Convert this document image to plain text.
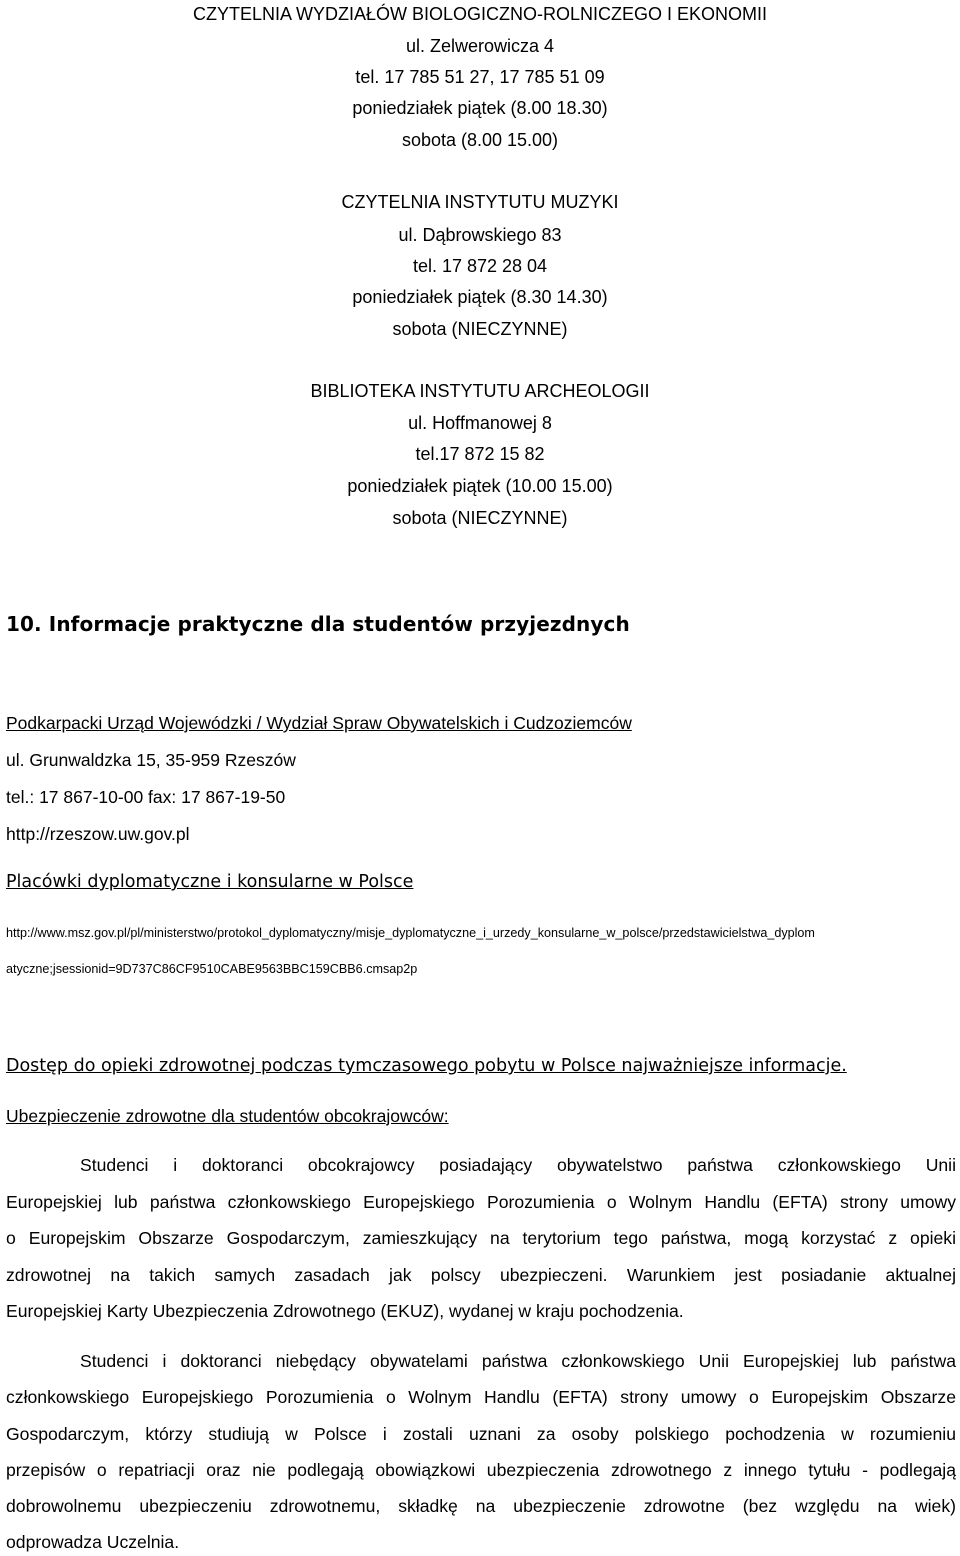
CZYTELNIA WYDZIAŁÓW BIOLOGICZNO-ROLNICZEGO I EKONOMII
ul. Zelwerowicza 4
tel. 17 785 51 27, 17 785 51 09
poniedziałek piątek (8.00 18.30)
sobota (8.00 15.00)
CZYTELNIA INSTYTUTU MUZYKI
ul. Dąbrowskiego 83
tel. 17 872 28 04
poniedziałek piątek (8.30 14.30)
sobota (NIECZYNNE)
BIBLIOTEKA INSTYTUTU ARCHEOLOGII
ul. Hoffmanowej 8
tel.17 872 15 82
poniedziałek piątek (10.00 15.00)
sobota (NIECZYNNE)
10. Informacje praktyczne dla studentów przyjezdnych
Podkarpacki Urząd Wojewódzki / Wydział Spraw Obywatelskich i Cudzoziemców
ul. Grunwaldzka 15, 35-959 Rzeszów
tel.: 17 867-10-00 fax: 17 867-19-50
http://rzeszow.uw.gov.pl
Placówki dyplomatyczne i konsularne w Polsce
http://www.msz.gov.pl/pl/ministerstwo/protokol_dyplomatyczny/misje_dyplomatyczne_i_urzedy_konsularne_w_polsce/przedstawicielstwa_dyplom
atyczne;jsessionid=9D737C86CF9510CABE9563BBC159CBB6.cmsap2p
Dostęp do opieki zdrowotnej podczas tymczasowego pobytu w Polsce najważniejsze informacje.
Ubezpieczenie zdrowotne dla studentów obcokrajowców:
Studenci i doktoranci obcokrajowcy posiadający obywatelstwo państwa członkowskiego Unii
Europejskiej lub państwa członkowskiego Europejskiego Porozumienia o Wolnym Handlu (EFTA) strony umowy
o Europejskim Obszarze Gospodarczym, zamieszkujący na terytorium tego państwa, mogą korzystać z opieki
zdrowotnej na takich samych zasadach jak polscy ubezpieczeni. Warunkiem jest posiadanie aktualnej
Europejskiej Karty Ubezpieczenia Zdrowotnego (EKUZ), wydanej w kraju pochodzenia.
Studenci i doktoranci niebędący obywatelami państwa członkowskiego Unii Europejskiej lub państwa
członkowskiego Europejskiego Porozumienia o Wolnym Handlu (EFTA) strony umowy o Europejskim Obszarze
Gospodarczym, którzy studiują w Polsce i zostali uznani za osoby polskiego pochodzenia w rozumieniu
przepisów o repatriacji oraz nie podlegają obowiązkowi ubezpieczenia zdrowotnego z innego tytułu - podlegają
dobrowolnemu ubezpieczeniu zdrowotnemu, składkę na ubezpieczenie zdrowotne (bez względu na wiek)
odprowadza Uczelnia.
